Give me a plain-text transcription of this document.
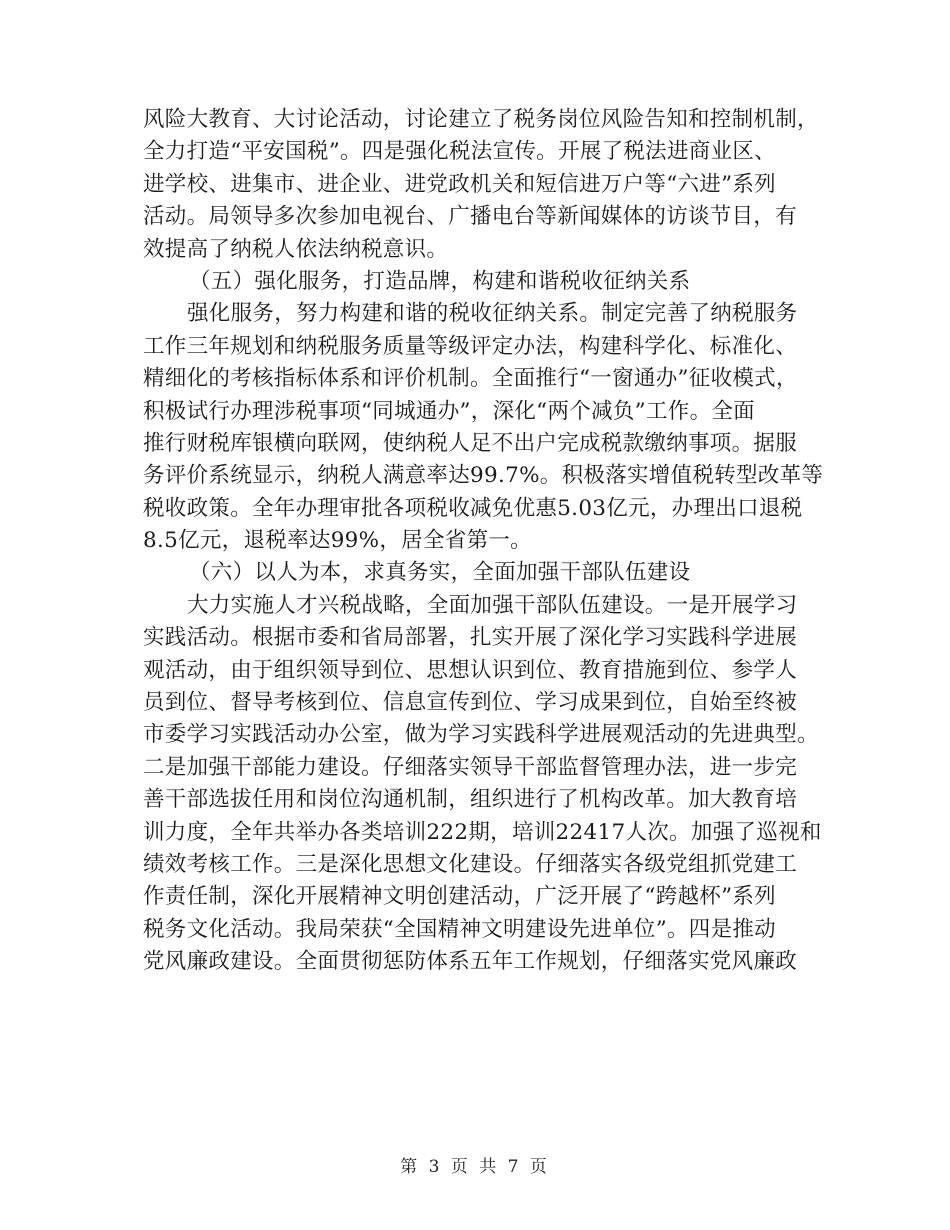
风险大教育、大讨论活动，讨论建立了税务岗位风险告知和控制机制，
全力打造“平安国税”。四是强化税法宣传。开展了税法进商业区、
进学校、进集市、进企业、进党政机关和短信进万户等“六进”系列
活动。局领导多次参加电视台、广播电台等新闻媒体的访谈节目，有
效提高了纳税人依法纳税意识。
（五）强化服务，打造品牌，构建和谐税收征纳关系
强化服务，努力构建和谐的税收征纳关系。制定完善了纳税服务
工作三年规划和纳税服务质量等级评定办法，构建科学化、标准化、
精细化的考核指标体系和评价机制。全面推行“一窗通办”征收模式，
积极试行办理涉税事项“同城通办”，深化“两个减负”工作。全面
推行财税库银横向联网，使纳税人足不出户完成税款缴纳事项。据服
务评价系统显示，纳税人满意率达99.7%。积极落实增值税转型改革等
税收政策。全年办理审批各项税收减免优惠5.03亿元，办理出口退税
8.5亿元，退税率达99%，居全省第一。
（六）以人为本，求真务实，全面加强干部队伍建设
大力实施人才兴税战略，全面加强干部队伍建设。一是开展学习
实践活动。根据市委和省局部署，扎实开展了深化学习实践科学进展
观活动，由于组织领导到位、思想认识到位、教育措施到位、参学人
员到位、督导考核到位、信息宣传到位、学习成果到位，自始至终被
市委学习实践活动办公室，做为学习实践科学进展观活动的先进典型。
二是加强干部能力建设。仔细落实领导干部监督管理办法，进一步完
善干部选拔任用和岗位沟通机制，组织进行了机构改革。加大教育培
训力度，全年共举办各类培训222期，培训22417人次。加强了巡视和
绩效考核工作。三是深化思想文化建设。仔细落实各级党组抓党建工
作责任制，深化开展精神文明创建活动，广泛开展了“跨越杯”系列
税务文化活动。我局荣获“全国精神文明建设先进单位”。四是推动
党风廉政建设。全面贯彻惩防体系五年工作规划，仔细落实党风廉政
第 3 页 共 7 页
